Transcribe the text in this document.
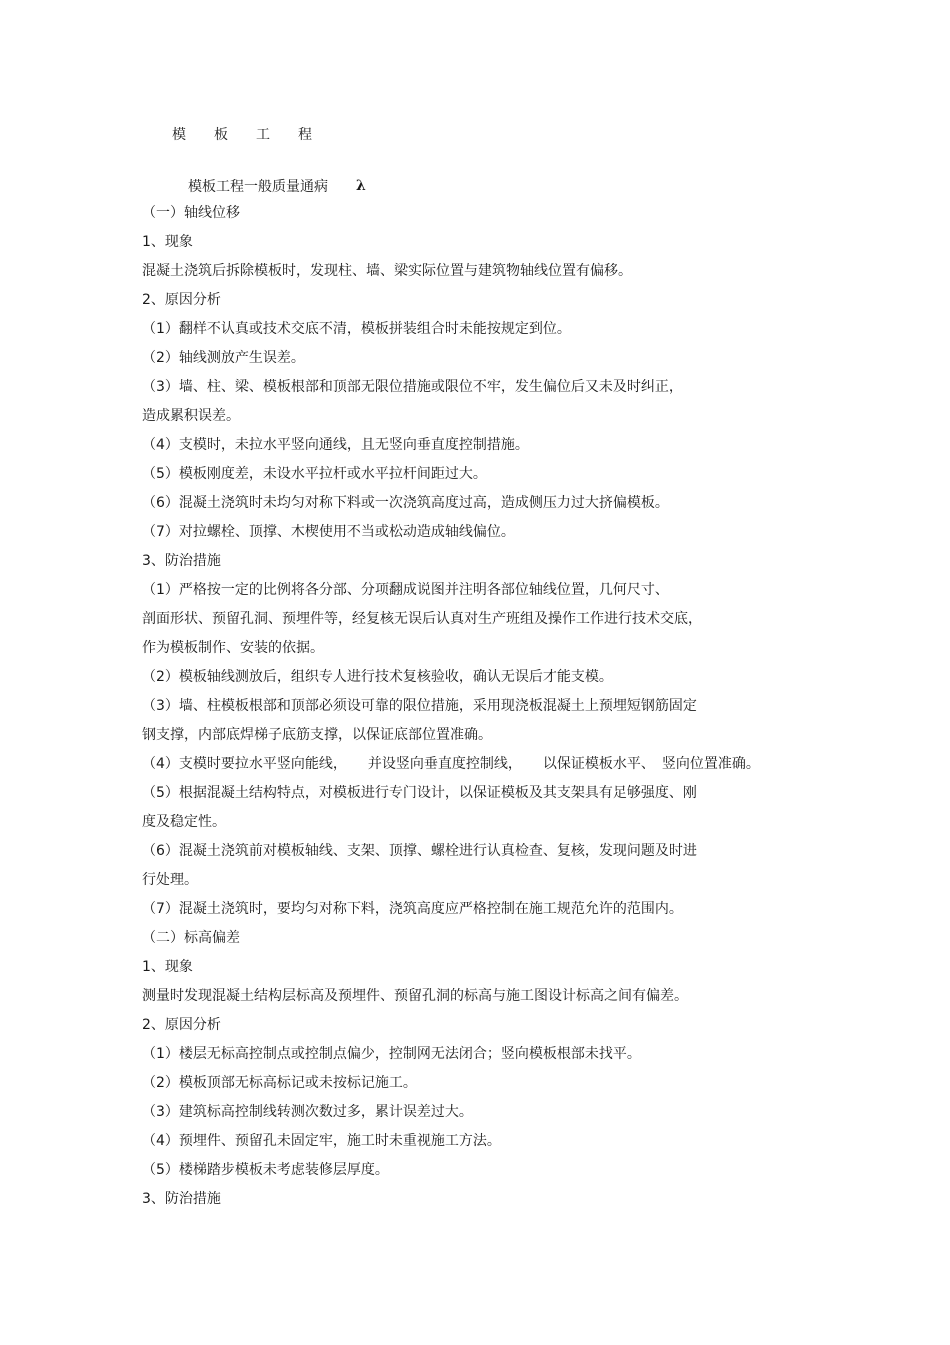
模　　板　　工　　程
模板工程一般质量通病 λ
（一）轴线位移
1、现象
混凝土浇筑后拆除模板时，发现柱、墙、梁实际位置与建筑物轴线位置有偏移。
2、原因分析
（1）翻样不认真或技术交底不清，模板拼装组合时未能按规定到位。
（2）轴线测放产生误差。
（3）墙、柱、梁、模板根部和顶部无限位措施或限位不牢，发生偏位后又未及时纠正，
造成累积误差。
（4）支模时，未拉水平竖向通线，且无竖向垂直度控制措施。
（5）模板刚度差，未设水平拉杆或水平拉杆间距过大。
（6）混凝土浇筑时未均匀对称下料或一次浇筑高度过高，造成侧压力过大挤偏模板。
（7）对拉螺栓、顶撑、木楔使用不当或松动造成轴线偏位。
3、防治措施
（1）严格按一定的比例将各分部、分项翻成说图并注明各部位轴线位置，几何尺寸、
剖面形状、预留孔洞、预埋件等，经复核无误后认真对生产班组及操作工作进行技术交底，
作为模板制作、安装的依据。
（2）模板轴线测放后，组织专人进行技术复核验收，确认无误后才能支模。
（3）墙、柱模板根部和顶部必须设可靠的限位措施，采用现浇板混凝土上预埋短钢筋固定
钢支撑，内部底焊梯子底筋支撑，以保证底部位置准确。
（4）支模时要拉水平竖向能线，　　并设竖向垂直度控制线，　　以保证模板水平、　竖向位置准确。
（5）根据混凝土结构特点，对模板进行专门设计，以保证模板及其支架具有足够强度、刚
度及稳定性。
（6）混凝土浇筑前对模板轴线、支架、顶撑、螺栓进行认真检查、复核，发现问题及时进
行处理。
（7）混凝土浇筑时，要均匀对称下料，浇筑高度应严格控制在施工规范允许的范围内。
（二）标高偏差
1、现象
测量时发现混凝土结构层标高及预埋件、预留孔洞的标高与施工图设计标高之间有偏差。
2、原因分析
（1）楼层无标高控制点或控制点偏少，控制网无法闭合；竖向模板根部未找平。
（2）模板顶部无标高标记或未按标记施工。
（3）建筑标高控制线转测次数过多，累计误差过大。
（4）预埋件、预留孔未固定牢，施工时未重视施工方法。
（5）楼梯踏步模板未考虑装修层厚度。
3、防治措施
